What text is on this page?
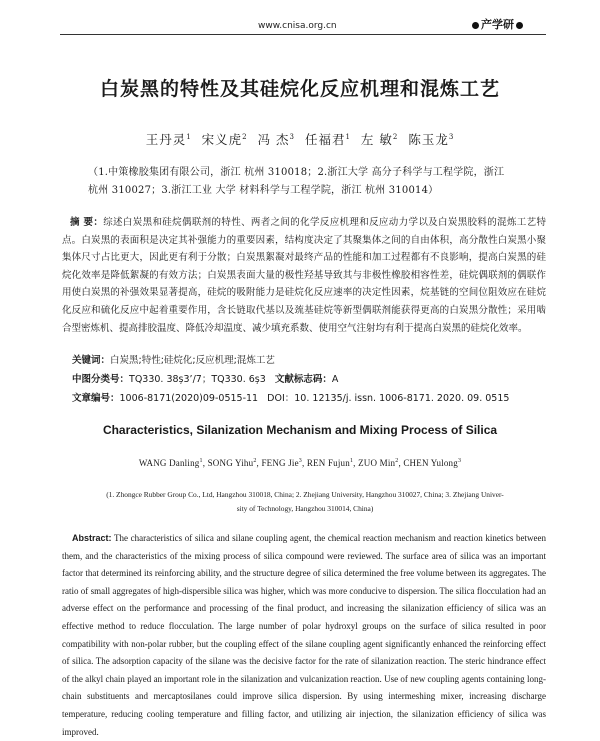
www.cnisa.org.cn	产学研
白炭黑的特性及其硅烷化反应机理和混炼工艺
王丹灵$^1$ 宋义虎$^2$ 冯 杰$^3$ 任福君$^1$ 左 敏$^2$ 陈玉龙$^3$
（1.中策橡胶集团有限公司，浙江 杭州 310018；2.浙江大学 高分子科学与工程学院，浙江 杭州 310027；3.浙江工业 大学 材料科学与工程学院，浙江 杭州 310014）
摘 要：综述白炭黑和硅烷偶联剂的特性、两者之间的化学反应机理和反应动力学以及白炭黑胶料的混炼工艺特点。白炭黑的表面积是决定其补强能力的重要因素，结构度决定了其聚集体之间的自由体积，高分散性白炭黑小聚集体尺寸占比更大，因此更有利于分散；白炭黑絮凝对最终产品的性能和加工过程都有不良影响，提高白炭黑的硅烷化效率是降低絮凝的有效方法；白炭黑表面大量的极性羟基导致其与非极性橡胶相容性差，硅烷偶联剂的偶联作用使白炭黑的补强效果显著提高，硅烷的吸附能力是硅烷化反应速率的决定性因素，烷基链的空间位阻效应在硅烷化反应和硫化反应中起着重要作用，含长链取代基以及巯基硅烷等新型偶联剂能获得更高的白炭黑分散性；采用啮合型密炼机、提高排胶温度、降低冷却温度、减少填充系数、使用空气注射均有利于提高白炭黑的硅烷化效率。
关键词：白炭黑;特性;硅烷化;反应机理;混炼工艺
中图分类号：TQ330. 38ș3’/7；TQ330. 6ș3 文献标志码：A
文章编号：1006-8171(2020)09-0515-11 DOI：10. 12135/j. issn. 1006-8171. 2020. 09. 0515
Characteristics, Silanization Mechanism and Mixing Process of Silica
WANG Danling$^1$, SONG Yihu$^2$, FENG Jie$^3$, REN Fujun$^1$, ZUO Min$^2$, CHEN Yulong$^3$
(1. Zhongce Rubber Group Co., Ltd, Hangzhou 310018, China; 2. Zhejiang University, Hangzhou 310027, China; 3. Zhejiang Univer-
sity of Technology, Hangzhou 310014, China)
Abstract: The characteristics of silica and silane coupling agent, the chemical reaction mechanism and reaction kinetics between them, and the characteristics of the mixing process of silica compound were reviewed. The surface area of silica was an important factor that determined its reinforcing ability, and the structure degree of silica determined the free volume between its aggregates. The ratio of small aggregates of high-dispersible silica was higher, which was more conducive to dispersion. The silica flocculation had an adverse effect on the performance and processing of the final product, and increasing the silanization efficiency of silica was an effective method to reduce flocculation. The large number of polar hydroxyl groups on the surface of silica resulted in poor compatibility with non-polar rubber, but the coupling effect of the silane coupling agent significantly enhanced the reinforcing effect of silica. The adsorption capacity of the silane was the decisive factor for the rate of silanization reaction. The steric hindrance effect of the alkyl chain played an important role in the silanization and vulcanization reaction. Use of new coupling agents containing long-chain substituents and mercaptosilanes could improve silica dispersion. By using intermeshing mixer, increasing discharge temperature, reducing cooling temperature and filling factor, and utilizing air injection, the silanization efficiency of silica was improved.
